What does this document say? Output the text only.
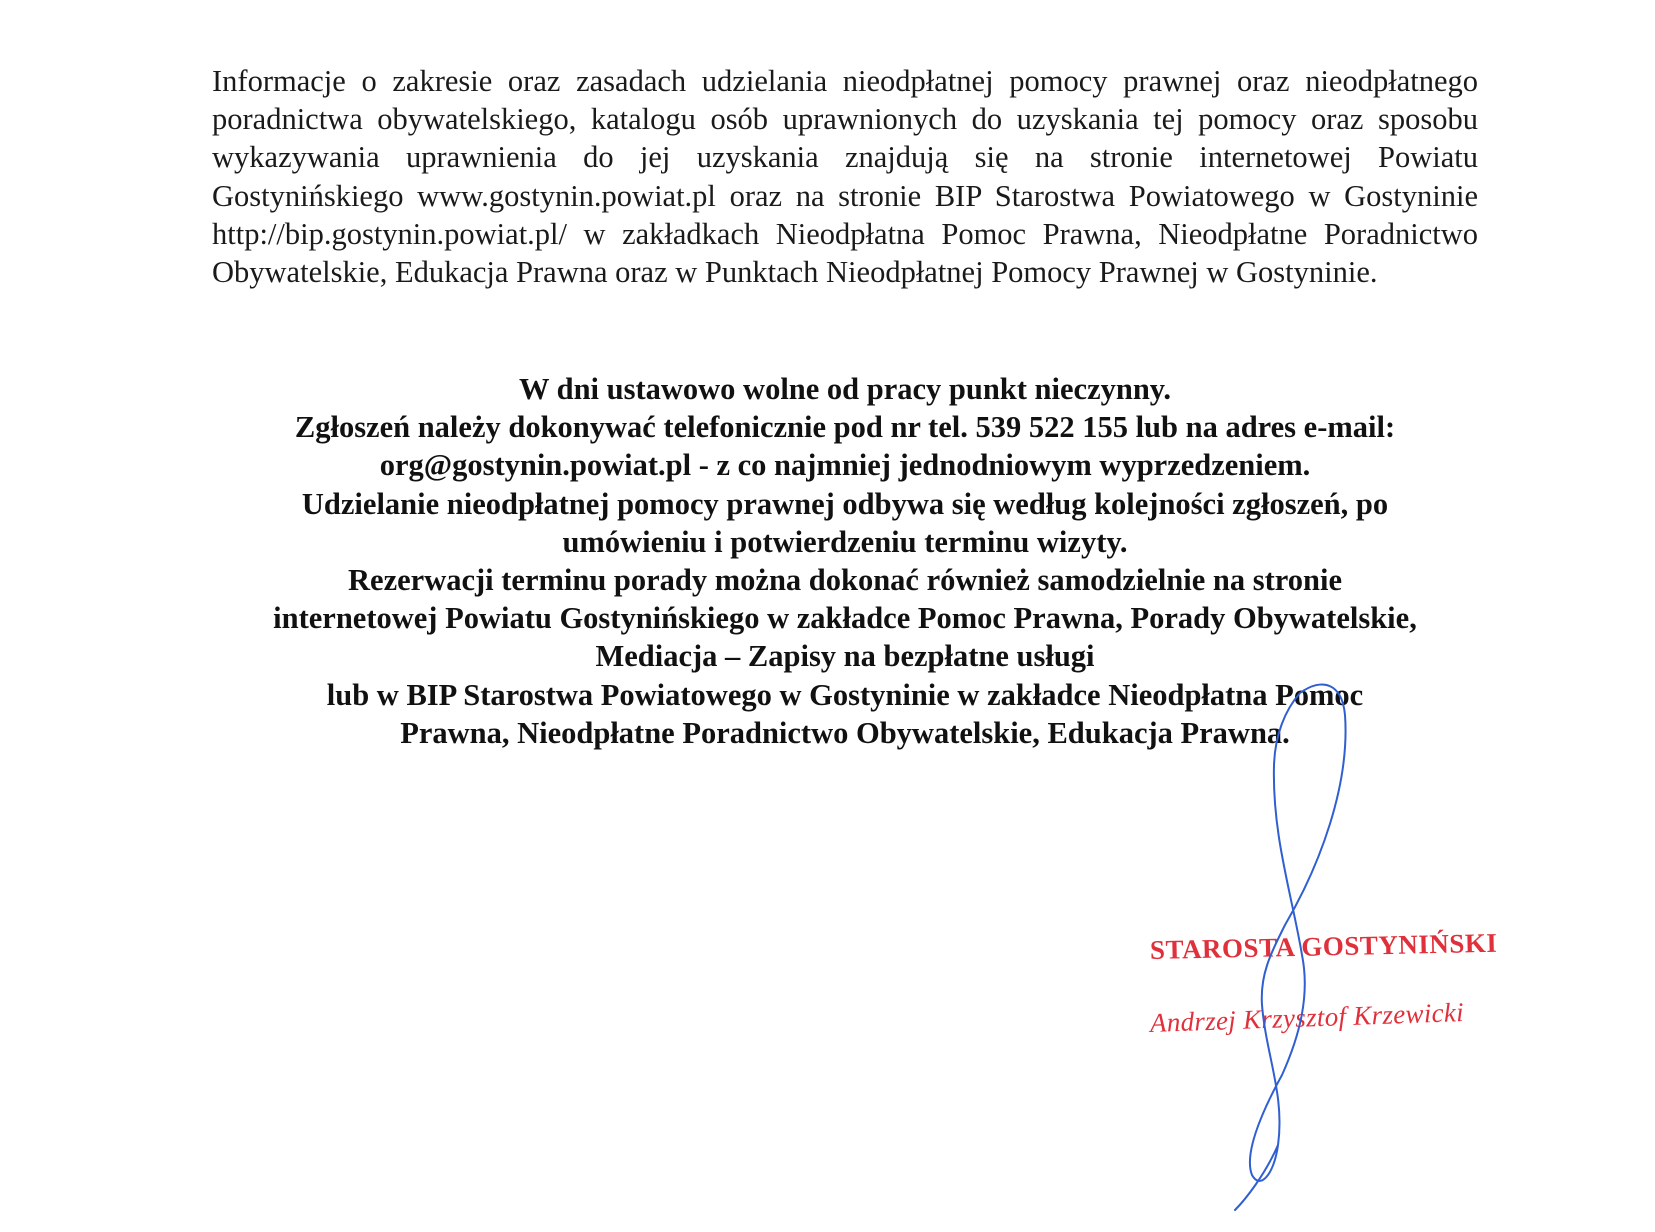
Informacje o zakresie oraz zasadach udzielania nieodpłatnej pomocy prawnej oraz nieodpłatnego poradnictwa obywatelskiego, katalogu osób uprawnionych do uzyskania tej pomocy oraz sposobu wykazywania uprawnienia do jej uzyskania znajdują się na stronie internetowej Powiatu Gostynińskiego www.gostynin.powiat.pl oraz na stronie BIP Starostwa Powiatowego w Gostyninie http://bip.gostynin.powiat.pl/ w zakładkach Nieodpłatna Pomoc Prawna, Nieodpłatne Poradnictwo Obywatelskie, Edukacja Prawna oraz w Punktach Nieodpłatnej Pomocy Prawnej w Gostyninie.

W dni ustawowo wolne od pracy punkt nieczynny.
Zgłoszeń należy dokonywać telefonicznie pod nr tel. 539 522 155 lub na adres e-mail:
org@gostynin.powiat.pl - z co najmniej jednodniowym wyprzedzeniem.
Udzielanie nieodpłatnej pomocy prawnej odbywa się według kolejności zgłoszeń, po
umówieniu i potwierdzeniu terminu wizyty.
Rezerwacji terminu porady można dokonać również samodzielnie na stronie
internetowej Powiatu Gostynińskiego w zakładce Pomoc Prawna, Porady Obywatelskie,
Mediacja – Zapisy na bezpłatne usługi
lub w BIP Starostwa Powiatowego w Gostyninie w zakładce Nieodpłatna Pomoc
Prawna, Nieodpłatne Poradnictwo Obywatelskie, Edukacja Prawna.
STAROSTA GOSTYNIŃSKI
Andrzej Krzysztof Krzewicki
